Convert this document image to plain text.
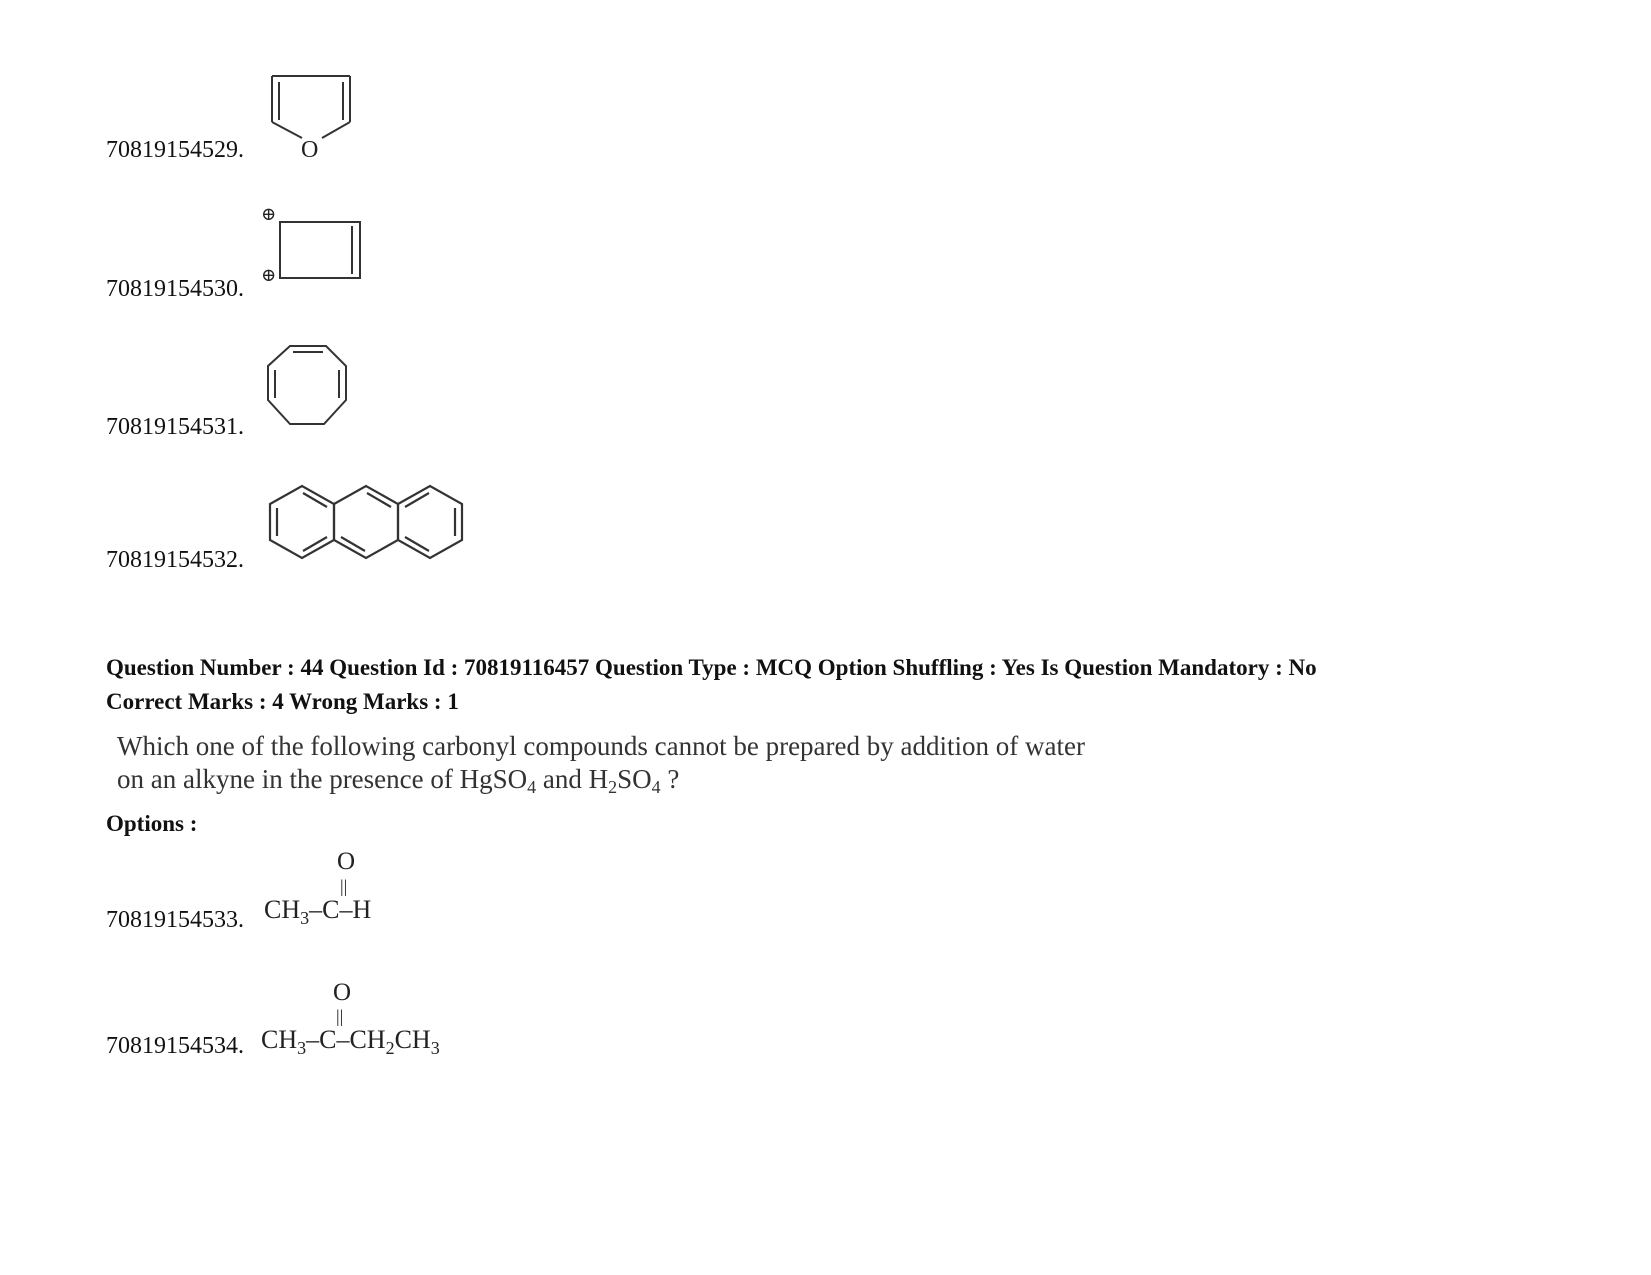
70819154529. O
70819154530.
⊕
⊕
70819154531.
70819154532.
Question Number : 44 Question Id : 70819116457 Question Type : MCQ Option Shuffling : Yes Is Question Mandatory : No
Correct Marks : 4 Wrong Marks : 1
Which one of the following carbonyl compounds cannot be prepared by addition of water
on an alkyne in the presence of HgSO$_4$ and $H_2SO_4$ ?
Options :
70819154533.
O
||
$CH_3-C-H$
70819154534.
O
||
$CH_3-C-CH_2CH_3$
